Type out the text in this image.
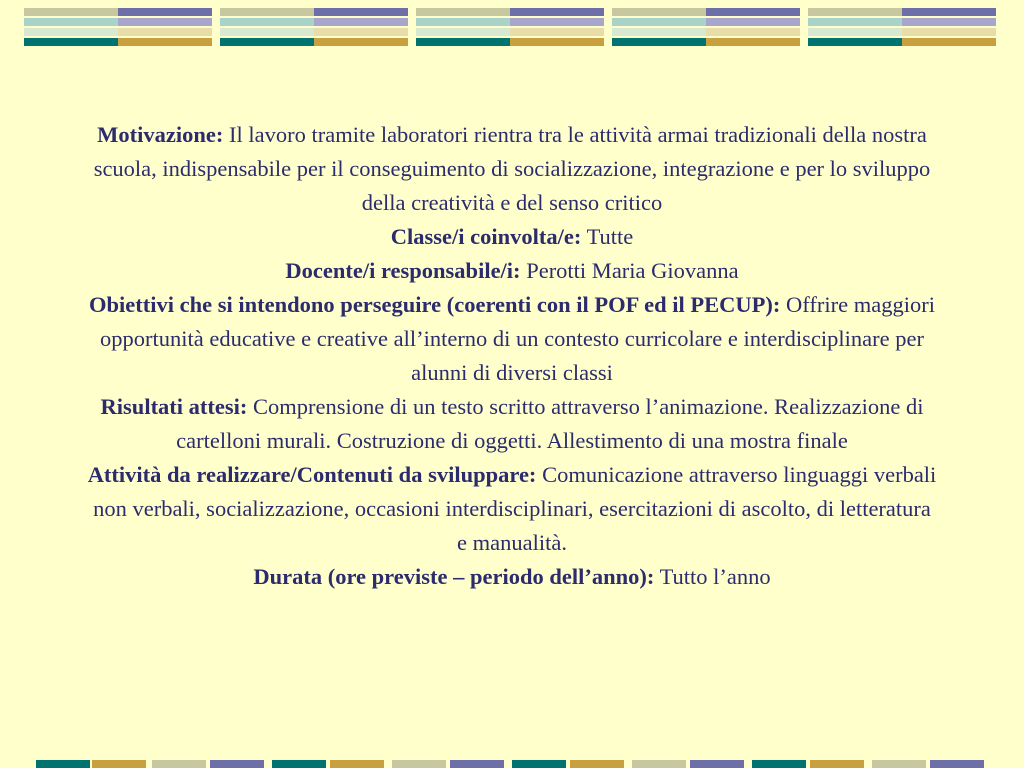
Motivazione: Il lavoro tramite laboratori rientra tra le attività armai tradizionali della nostra scuola, indispensabile per il conseguimento di socializzazione, integrazione e per lo sviluppo della creatività e del senso critico

Classe/i coinvolta/e: Tutte

Docente/i responsabile/i: Perotti Maria Giovanna

Obiettivi che si intendono perseguire (coerenti con il POF ed il PECUP): Offrire maggiori opportunità educative e creative all’interno di un contesto curricolare e interdisciplinare per alunni di diversi classi

Risultati attesi: Comprensione di un testo scritto attraverso l’animazione. Realizzazione di cartelloni murali. Costruzione di oggetti. Allestimento di una mostra finale

Attività da realizzare/Contenuti da sviluppare: Comunicazione attraverso linguaggi verbali non verbali, socializzazione, occasioni interdisciplinari, esercitazioni di ascolto, di letteratura e manualità.

Durata (ore previste – periodo dell’anno): Tutto l’anno
